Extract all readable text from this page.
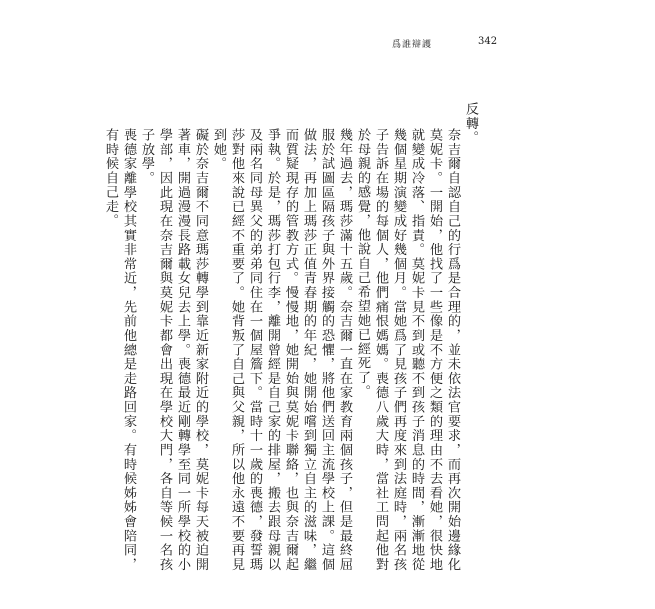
爲誰辯護	342

反轉。

奈吉爾自認自己的行爲是合理的，並未依法官要求，而再次開始邊緣化莫妮卡。一開始，他找了一些像是不方便之類的理由不去看她，很快地就變成冷落、指責。莫妮卡見不到或聽不到孩子消息的時間，漸漸地從幾個星期演變成好幾個月。當她爲了見孩子們再度來到法庭時，兩名孩子告訴在場的每個人，他們痛恨媽媽。喪德八歲大時，當社工問起他對於母親的感覺，他說自己希望她已經死了。

幾年過去，瑪莎滿十五歲。奈吉爾一直在家教育兩個孩子，但是最終屈服於試圖區隔孩子與外界接觸的恐懼，將他們送回主流學校上課。這個做法，再加上瑪莎正值青春期的年紀，她開始嚐到獨立自主的滋味，繼而質疑現存的管教方式。慢慢地，她開始與莫妮卡聯絡，也與奈吉爾起爭執。於是，瑪莎打包行李，離開曾經是自己家的排屋，搬去跟母親以及兩名同母異父的弟弟同住在一個屋簷下。當時十一歲的喪德，發誓瑪莎對他來說已經不重要了。她背叛了自己與父親，所以他永遠不要再見到她。

礙於奈吉爾不同意瑪莎轉學到靠近新家附近的學校，莫妮卡每天被迫開著車，開過漫漫長路載女兒去上學。喪德最近剛轉學至同一所學校的小學部，因此現在奈吉爾與莫妮卡都會出現在學校大門，各自等候一名孩子放學。

喪德家離學校其實非常近，先前他總是走路回家。有時候姊姊會陪同，有時候自己走。
